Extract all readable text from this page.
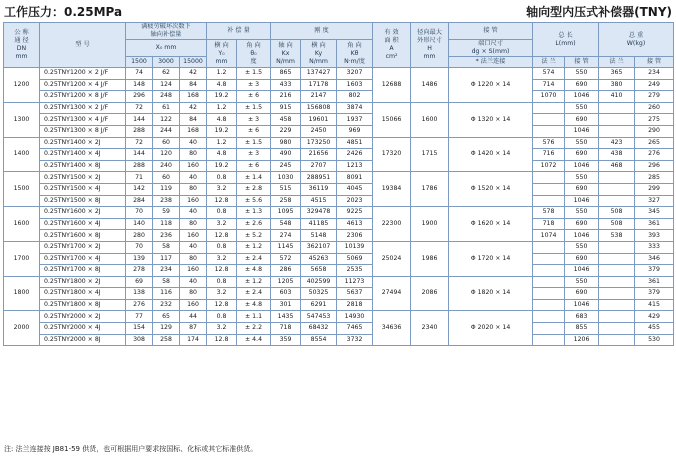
工作压力：0.25MPa	轴向型内压式补偿器(TNY)
公 称
通 径
DN
mm	型 号	满疲劳破坏次数下
轴向补偿量			补 偿 量		刚 度			有 效
面 积
A
cm²	径向最大
外形尺寸
H
mm	接 管	总 长
L(mm)		总 重
W(kg)	

		X₀ mm			横 向
Y₀
mm	角 向
θ₀
度	轴 向
Kx
N/mm	横 向
Ky
N/mm	角 向
Kθ
N·m/度			端口尺寸
dg × S(mm)				

		1500	3000	15000								* 法兰连接	法 兰	接 管	法 兰	接 管
1200	0.25TNY1200 × 2 J/F	74	62	42	1.2	± 1.5	865	137427	3207	12688	1486	Φ 1220 × 14	574	550	365	234
	0.25TNY1200 × 4 J/F	148	124	84	4.8	± 3	433	17178	1603				714	690	380	249
	0.25TNY1200 × 8 J/F	296	248	168	19.2	± 6	216	2147	802				1070	1046	410	279
1300	0.25TNY1300 × 2 J/F	72	61	42	1.2	± 1.5	915	156808	3874	15066	1600	Φ 1320 × 14		550		260
	0.25TNY1300 × 4 J/F	144	122	84	4.8	± 3	458	19601	1937					690		275
	0.25TNY1300 × 8 J/F	288	244	168	19.2	± 6	229	2450	969					1046		290
1400	0.25TNY1400 × 2J	72	60	40	1.2	± 1.5	980	173250	4851	17320	1715	Φ 1420 × 14	576	550	423	265
	0.25TNY1400 × 4J	144	120	80	4.8	± 3	490	21656	2426				716	690	438	276
	0.25TNY1400 × 8J	288	240	160	19.2	± 6	245	2707	1213				1072	1046	468	296
1500	0.25TNY1500 × 2J	71	60	40	0.8	± 1.4	1030	288951	8091	19384	1786	Φ 1520 × 14		550		285
	0.25TNY1500 × 4J	142	119	80	3.2	± 2.8	515	36119	4045					690		299
	0.25TNY1500 × 8J	284	238	160	12.8	± 5.6	258	4515	2023					1046		327
1600	0.25TNY1600 × 2J	70	59	40	0.8	± 1.3	1095	329478	9225	22300	1900	Φ 1620 × 14	578	550	508	345
	0.25TNY1600 × 4J	140	118	80	3.2	± 2.6	548	41185	4613				718	690	508	361
	0.25TNY1600 × 8J	280	236	160	12.8	± 5.2	274	5148	2306				1074	1046	538	393
1700	0.25TNY1700 × 2J	70	58	40	0.8	± 1.2	1145	362107	10139	25024	1986	Φ 1720 × 14		550		333
	0.25TNY1700 × 4J	139	117	80	3.2	± 2.4	572	45263	5069					690		346
	0.25TNY1700 × 8J	278	234	160	12.8	± 4.8	286	5658	2535					1046		379
1800	0.25TNY1800 × 2J	69	58	40	0.8	± 1.2	1205	402599	11273	27494	2086	Φ 1820 × 14		550		361
	0.25TNY1800 × 4J	138	116	80	3.2	± 2.4	603	50325	5637					690		379
	0.25TNY1800 × 8J	276	232	160	12.8	± 4.8	301	6291	2818					1046		415
2000	0.25TNY2000 × 2J	77	65	44	0.8	± 1.1	1435	547453	14930	34636	2340	Φ 2020 × 14		683		429
	0.25TNY2000 × 4J	154	129	87	3.2	± 2.2	718	68432	7465					855		455
	0.25TNY2000 × 8J	308	258	174	12.8	± 4.4	359	8554	3732					1206		530
注: 法兰连接按 JB81-59 供货，也可根据用户要求按国标、化标或其它标准供货。
